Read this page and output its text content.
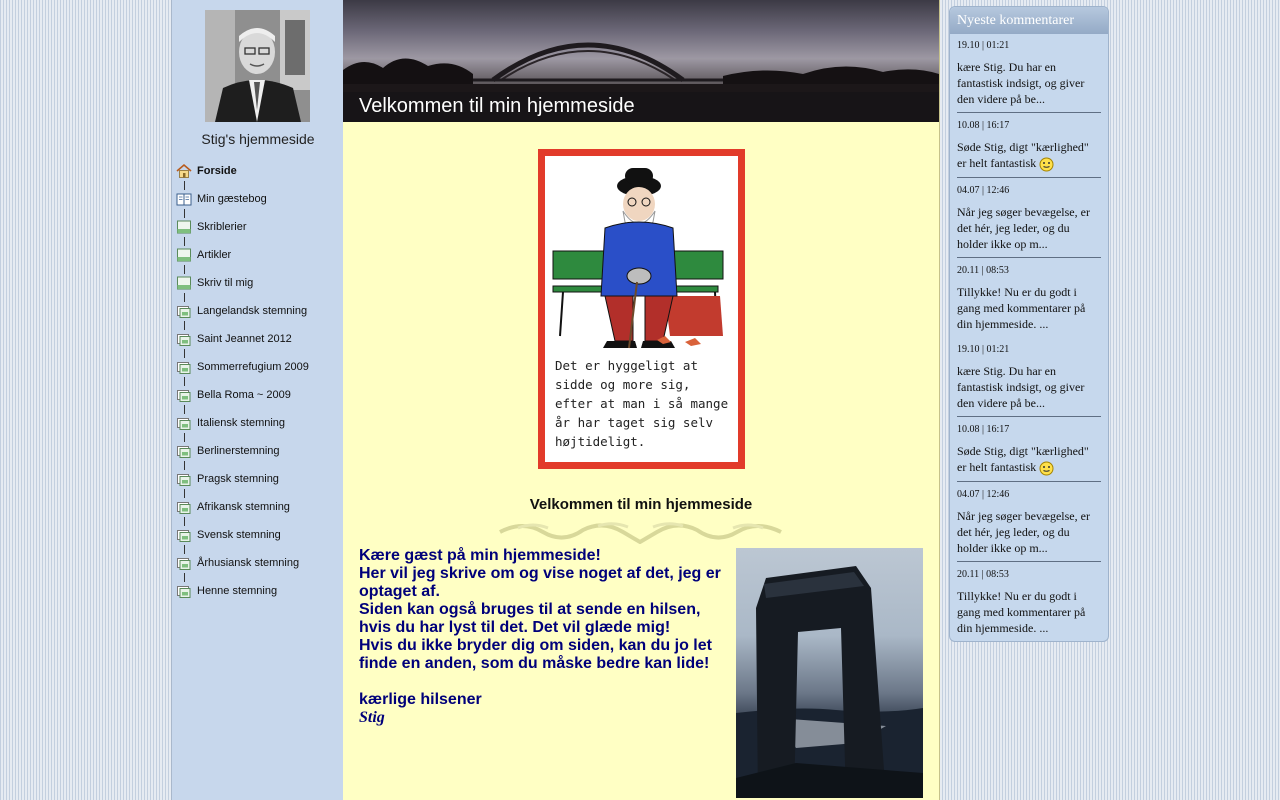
Stig's hjemmeside
Forside
Min gæstebog
Skriblerier
Artikler
Skriv til mig
Langelandsk stemning
Saint Jeannet 2012
Sommerrefugium 2009
Bella Roma ~ 2009
Italiensk stemning
Berlinerstemning
Pragsk stemning
Afrikansk stemning
Svensk stemning
Århusiansk stemning
Henne stemning
Velkommen til min hjemmeside
Det er hyggeligt at sidde og more sig, efter at man i så mange år har taget sig selv højtideligt.
Velkommen til min hjemmeside

Kære gæst på min hjemmeside!

Her vil jeg skrive om og vise noget af det, jeg er optaget af.

Siden kan også bruges til at sende en hilsen, hvis du har lyst til det. Det vil glæde mig!

Hvis du ikke bryder dig om siden, kan du jo let finde en anden, som du måske bedre kan lide!

kærlige hilsener

Stig

Nyeste kommentarer
19.10 | 01:21
kære Stig. Du har en fantastisk indsigt, og giver den videre på be...
10.08 | 16:17
Søde Stig, digt "kærlighed" er helt fantastisk
04.07 | 12:46
Når jeg søger bevægelse, er det hér, jeg leder, og du holder ikke op m...
20.11 | 08:53
Tillykke! Nu er du godt i gang med kommentarer på din hjemmeside. ...
19.10 | 01:21
kære Stig. Du har en fantastisk indsigt, og giver den videre på be...
10.08 | 16:17
Søde Stig, digt "kærlighed" er helt fantastisk
04.07 | 12:46
Når jeg søger bevægelse, er det hér, jeg leder, og du holder ikke op m...
20.11 | 08:53
Tillykke! Nu er du godt i gang med kommentarer på din hjemmeside. ...
